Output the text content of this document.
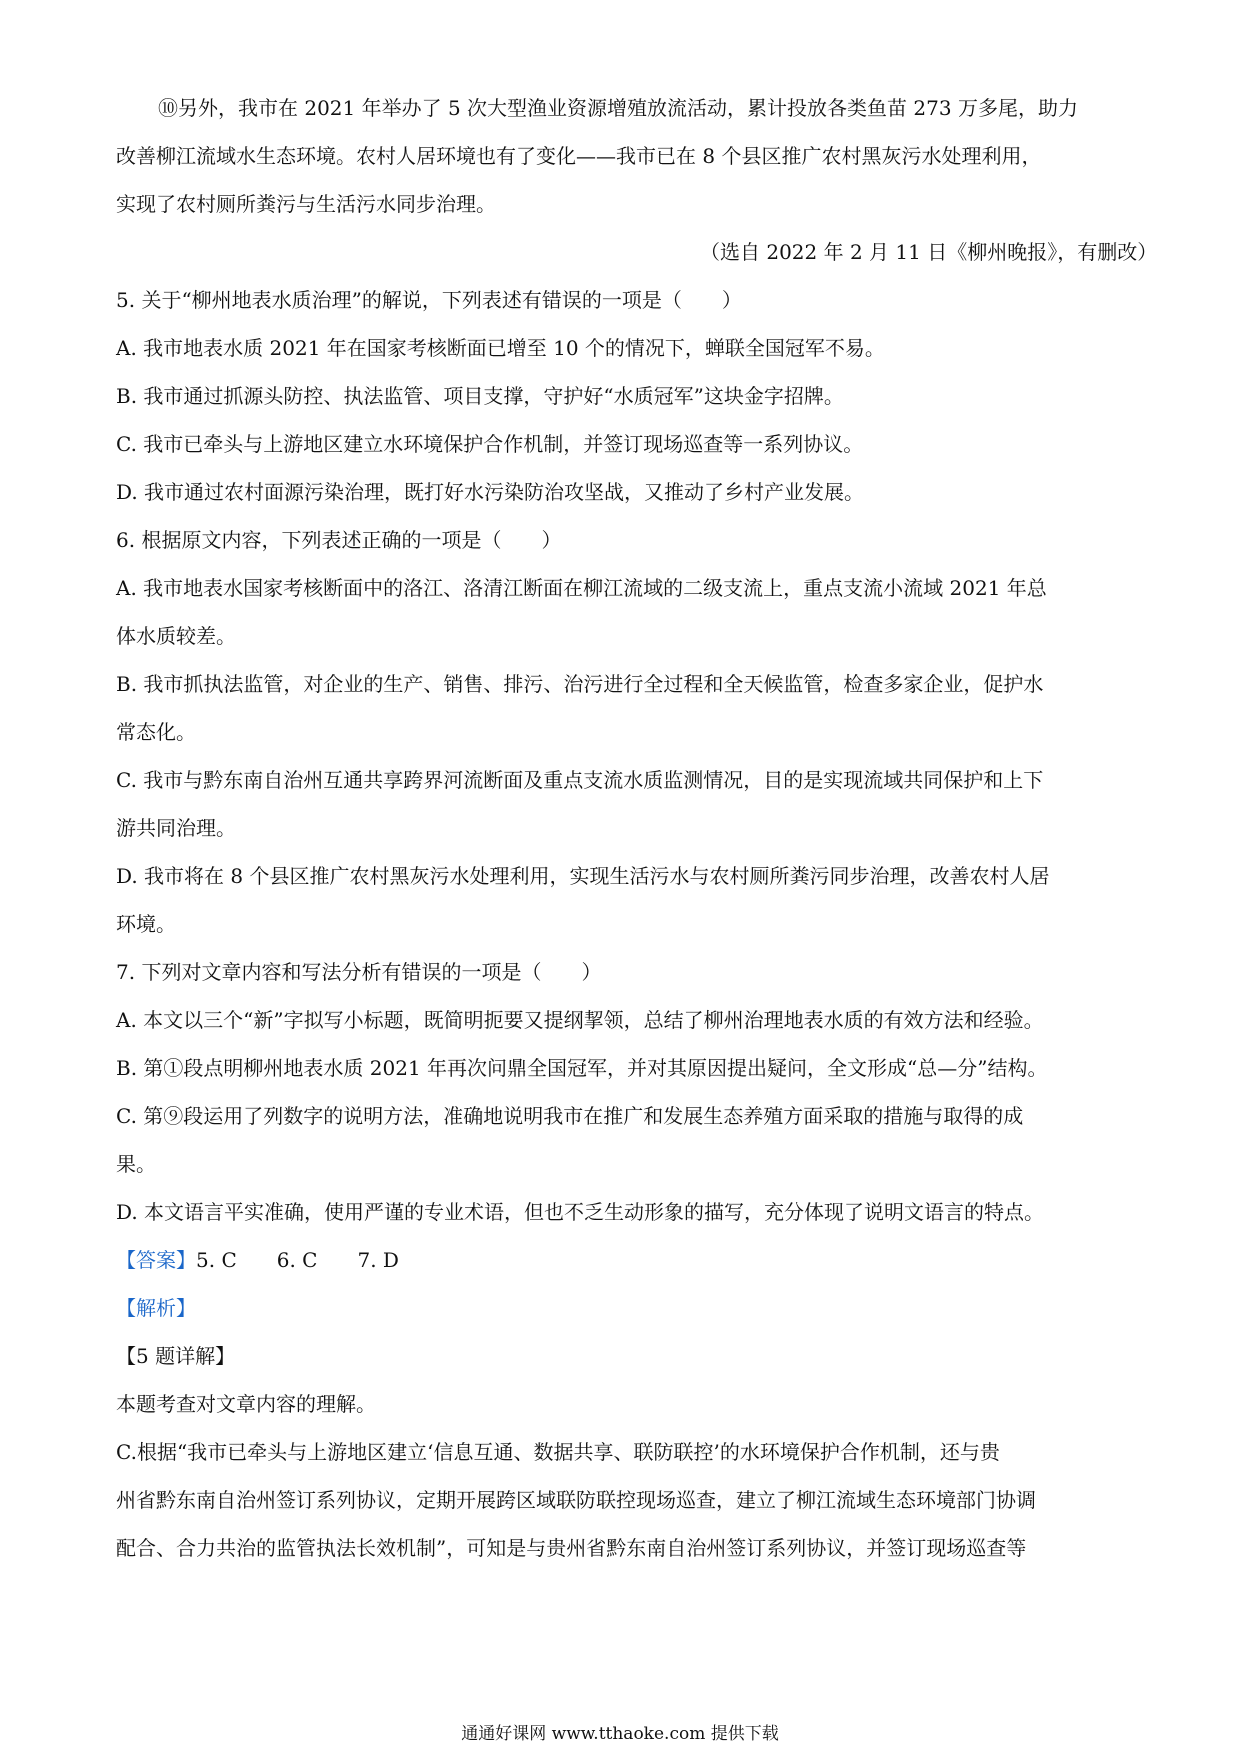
⑩另外，我市在 2021 年举办了 5 次大型渔业资源增殖放流活动，累计投放各类鱼苗 273 万多尾，助力
改善柳江流域水生态环境。农村人居环境也有了变化——我市已在 8 个县区推广农村黑灰污水处理利用，
实现了农村厕所粪污与生活污水同步治理。
（选自 2022 年 2 月 11 日《柳州晚报》，有删改）
5. 关于“柳州地表水质治理”的解说，下列表述有错误的一项是（　　）
A. 我市地表水质 2021 年在国家考核断面已增至 10 个的情况下，蝉联全国冠军不易。
B. 我市通过抓源头防控、执法监管、项目支撑，守护好“水质冠军”这块金字招牌。
C. 我市已牵头与上游地区建立水环境保护合作机制，并签订现场巡查等一系列协议。
D. 我市通过农村面源污染治理，既打好水污染防治攻坚战，又推动了乡村产业发展。
6. 根据原文内容，下列表述正确的一项是（　　）
A. 我市地表水国家考核断面中的洛江、洛清江断面在柳江流域的二级支流上，重点支流小流域 2021 年总
体水质较差。
B. 我市抓执法监管，对企业的生产、销售、排污、治污进行全过程和全天候监管，检查多家企业，促护水
常态化。
C. 我市与黔东南自治州互通共享跨界河流断面及重点支流水质监测情况，目的是实现流域共同保护和上下
游共同治理。
D. 我市将在 8 个县区推广农村黑灰污水处理利用，实现生活污水与农村厕所粪污同步治理，改善农村人居
环境。
7. 下列对文章内容和写法分析有错误的一项是（　　）
A. 本文以三个“新”字拟写小标题，既简明扼要又提纲挈领，总结了柳州治理地表水质的有效方法和经验。
B. 第①段点明柳州地表水质 2021 年再次问鼎全国冠军，并对其原因提出疑问，全文形成“总—分”结构。
C. 第⑨段运用了列数字的说明方法，准确地说明我市在推广和发展生态养殖方面采取的措施与取得的成
果。
D. 本文语言平实准确，使用严谨的专业术语，但也不乏生动形象的描写，充分体现了说明文语言的特点。
【答案】5. C　　6. C　　7. D
【解析】
【5 题详解】
本题考查对文章内容的理解。
C.根据“我市已牵头与上游地区建立‘信息互通、数据共享、联防联控’的水环境保护合作机制，还与贵
州省黔东南自治州签订系列协议，定期开展跨区域联防联控现场巡查，建立了柳江流域生态环境部门协调
配合、合力共治的监管执法长效机制”，可知是与贵州省黔东南自治州签订系列协议，并签订现场巡查等
通通好课网 www.tthaoke.com 提供下载
